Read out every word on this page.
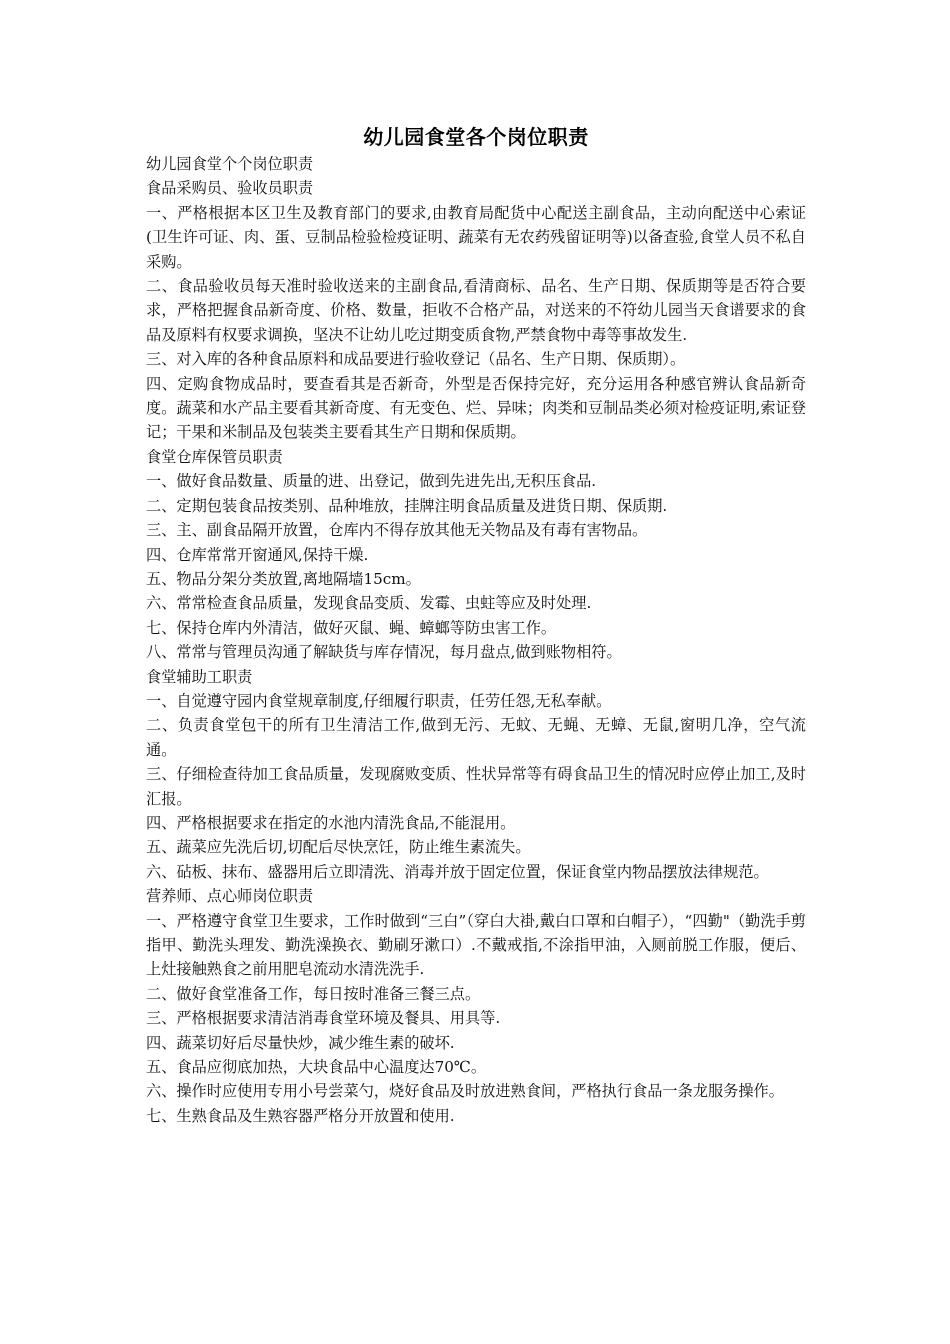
幼儿园食堂各个岗位职责

幼儿园食堂个个岗位职责

食品采购员、验收员职责

一、严格根据本区卫生及教育部门的要求,由教育局配货中心配送主副食品，主动向配送中心索证(卫生许可证、肉、蛋、豆制品检验检疫证明、蔬菜有无农药残留证明等)以备查验,食堂人员不私自采购。

二、食品验收员每天准时验收送来的主副食品,看清商标、品名、生产日期、保质期等是否符合要求，严格把握食品新奇度、价格、数量，拒收不合格产品，对送来的不符幼儿园当天食谱要求的食品及原料有权要求调换，坚决不让幼儿吃过期变质食物,严禁食物中毒等事故发生.

三、对入库的各种食品原料和成品要进行验收登记（品名、生产日期、保质期）。

四、定购食物成品时，要查看其是否新奇，外型是否保持完好，充分运用各种感官辨认食品新奇度。蔬菜和水产品主要看其新奇度、有无变色、烂、异味；肉类和豆制品类必须对检疫证明,索证登记；干果和米制品及包装类主要看其生产日期和保质期。

食堂仓库保管员职责

一、做好食品数量、质量的进、出登记，做到先进先出,无积压食品.

二、定期包装食品按类别、品种堆放，挂牌注明食品质量及进货日期、保质期.

三、主、副食品隔开放置，仓库内不得存放其他无关物品及有毒有害物品。

四、仓库常常开窗通风,保持干燥.

五、物品分架分类放置,离地隔墙15cm。

六、常常检查食品质量，发现食品变质、发霉、虫蛀等应及时处理.

七、保持仓库内外清洁，做好灭鼠、蝇、蟑螂等防虫害工作。

八、常常与管理员沟通了解缺货与库存情况，每月盘点,做到账物相符。

食堂辅助工职责

一、自觉遵守园内食堂规章制度,仔细履行职责，任劳任怨,无私奉献。

二、负责食堂包干的所有卫生清洁工作,做到无污、无蚊、无蝇、无蟑、无鼠,窗明几净，空气流通。

三、仔细检查待加工食品质量，发现腐败变质、性状异常等有碍食品卫生的情况时应停止加工,及时汇报。

四、严格根据要求在指定的水池内清洗食品,不能混用。

五、蔬菜应先洗后切,切配后尽快烹饪，防止维生素流失。

六、砧板、抹布、盛器用后立即清洗、消毒并放于固定位置，保证食堂内物品摆放法律规范。

营养师、点心师岗位职责

一、严格遵守食堂卫生要求，工作时做到“三白”（穿白大褂,戴白口罩和白帽子），“四勤"（勤洗手剪指甲、勤洗头理发、勤洗澡换衣、勤刷牙漱口）.不戴戒指,不涂指甲油，入厕前脱工作服，便后、上灶接触熟食之前用肥皂流动水清洗洗手.

二、做好食堂准备工作，每日按时准备三餐三点。

三、严格根据要求清洁消毒食堂环境及餐具、用具等.

四、蔬菜切好后尽量快炒，减少维生素的破坏.

五、食品应彻底加热，大块食品中心温度达70℃。

六、操作时应使用专用小号尝菜勺，烧好食品及时放进熟食间，严格执行食品一条龙服务操作。

七、生熟食品及生熟容器严格分开放置和使用.
